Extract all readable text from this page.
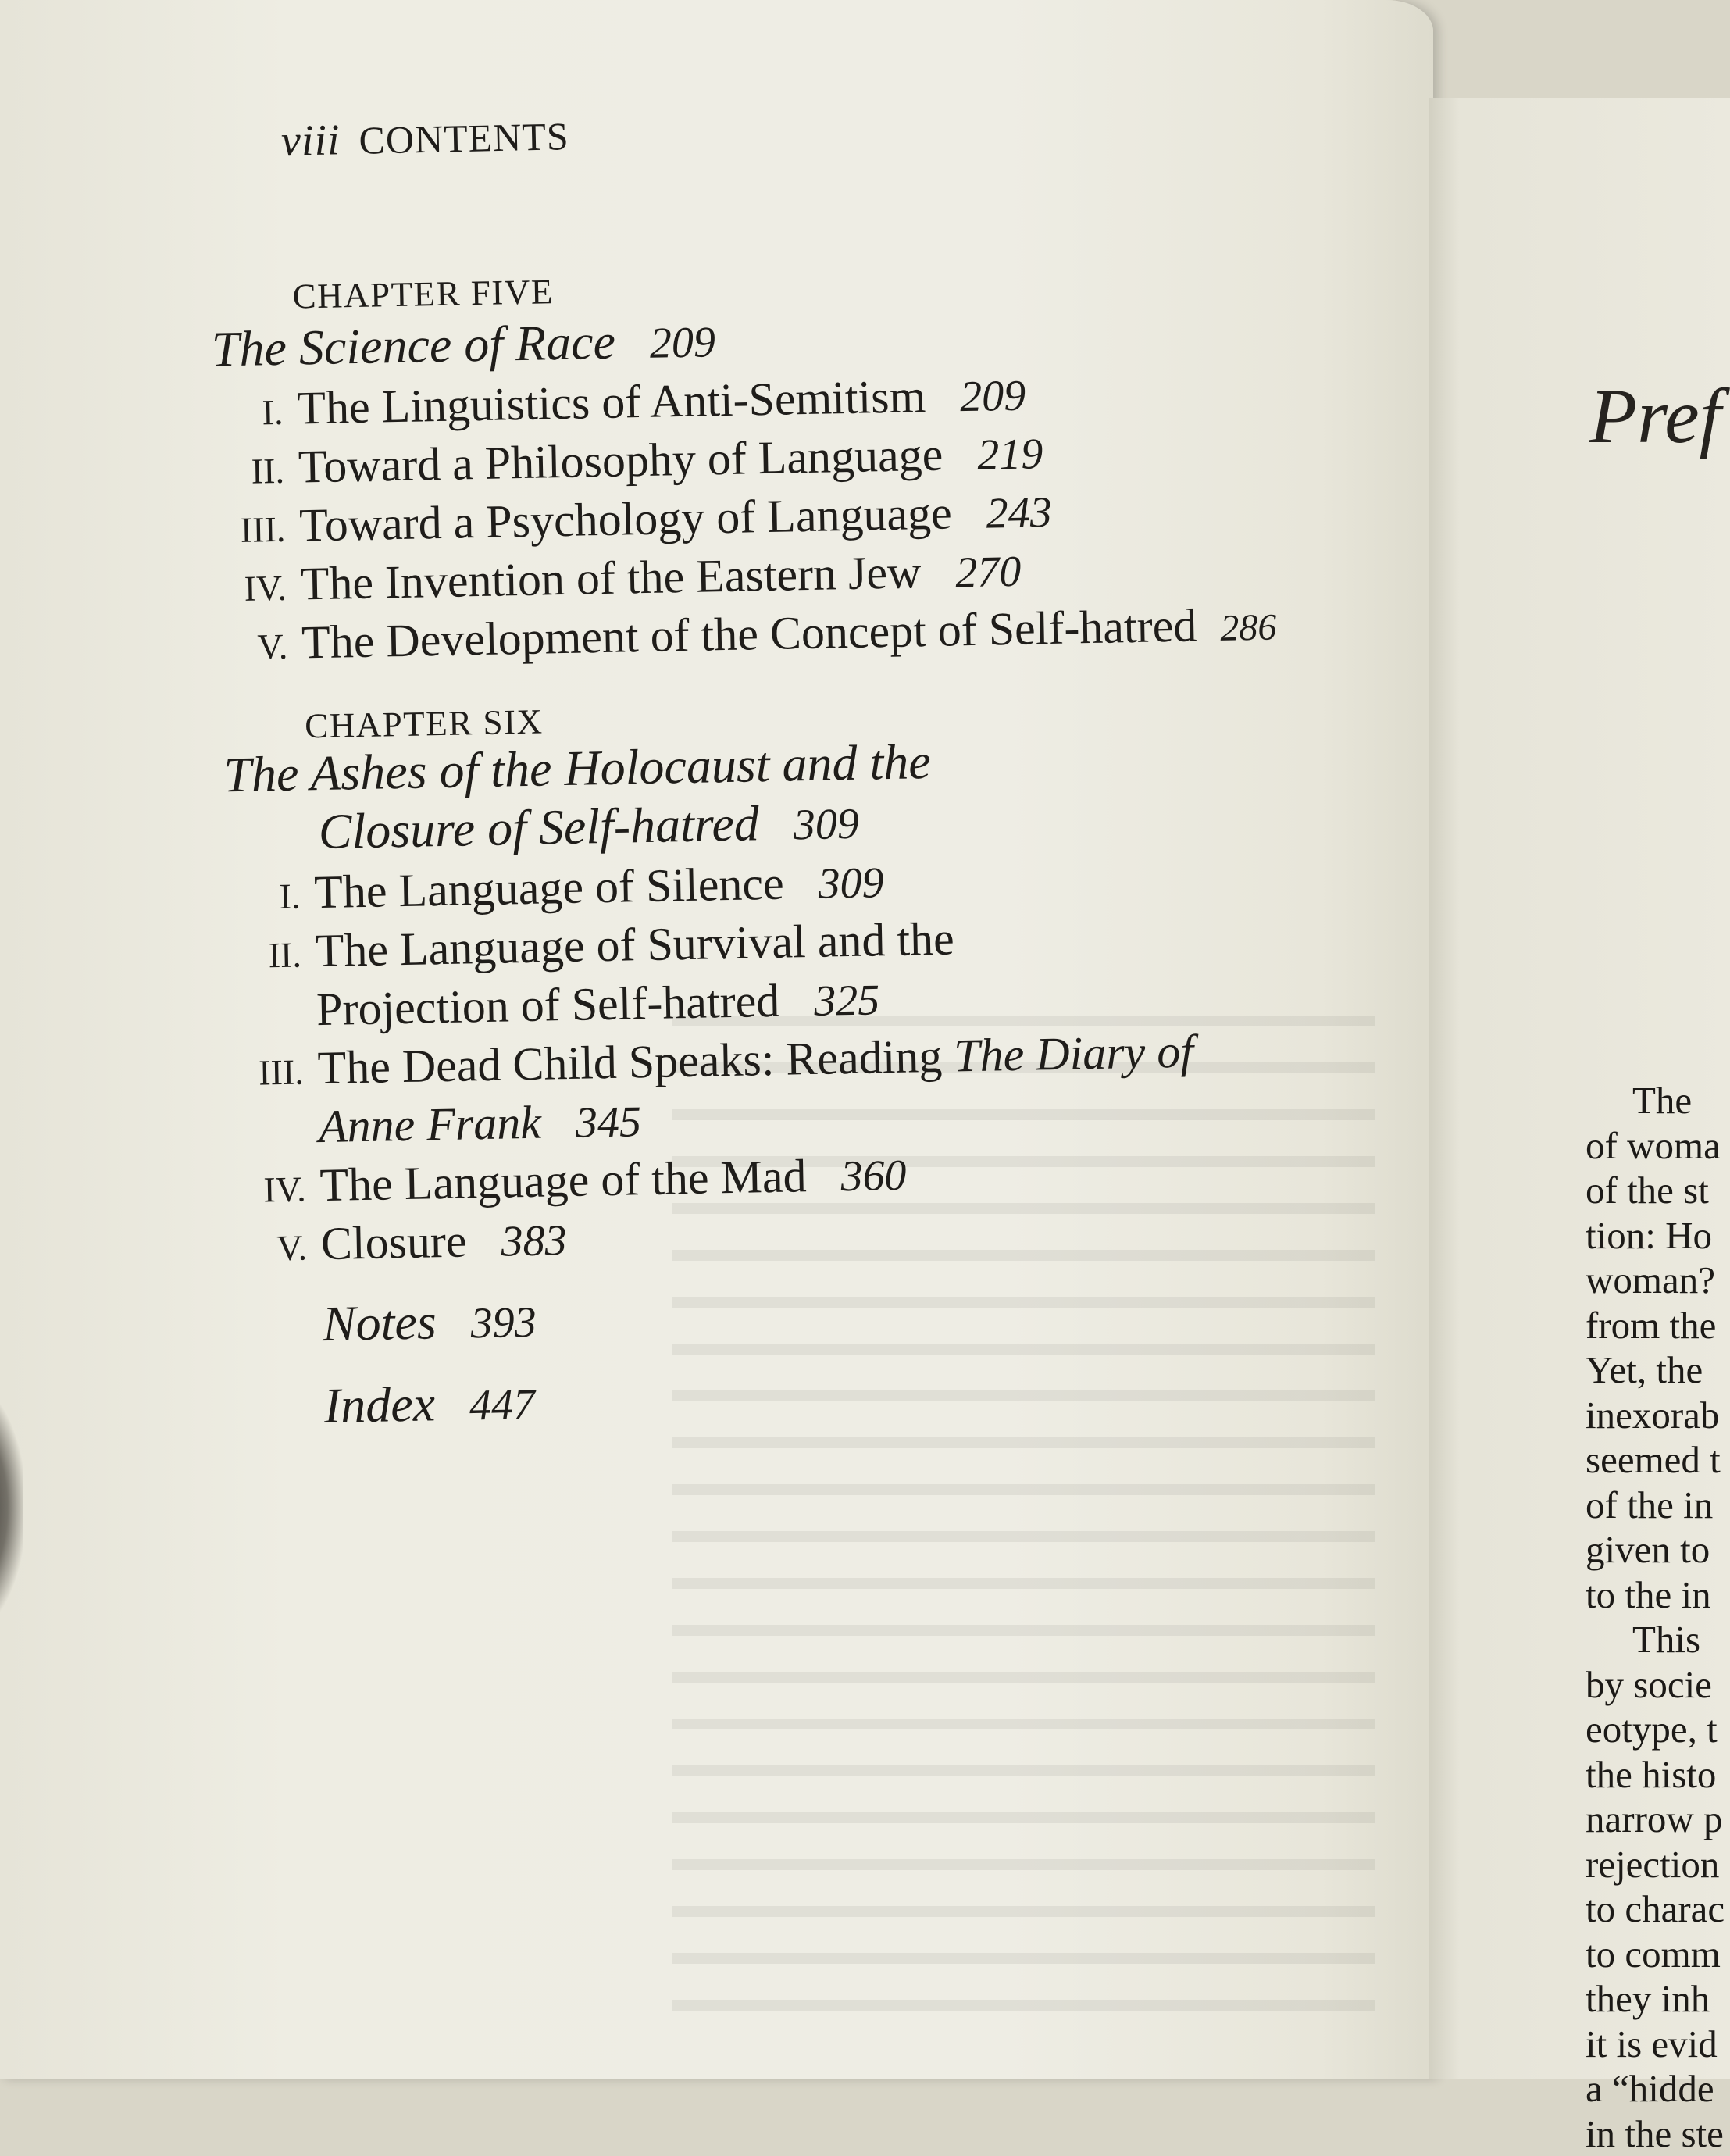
viii CONTENTS
CHAPTER FIVE
The Science of Race 209
I. The Linguistics of Anti-Semitism 209
II. Toward a Philosophy of Language 219
III. Toward a Psychology of Language 243
IV. The Invention of the Eastern Jew 270
V. The Development of the Concept of Self-hatred 286
CHAPTER SIX
The Ashes of the Holocaust and the
Closure of Self-hatred 309
I. The Language of Silence 309
II. The Language of Survival and the
Projection of Self-hatred 325
III. The Dead Child Speaks: Reading The Diary of
Anne Frank 345
IV. The Language of the Mad 360
V. Closure 383
Notes 393
Index 447
Pref
The
of woma
of the st
tion: Ho
woman?
from the
Yet, the
inexorab
seemed t
of the in
given to
to the in
This
by socie
eotype, t
the histo
narrow p
rejection
to charac
to comm
they inh
it is evid
a “hidde
in the ste
